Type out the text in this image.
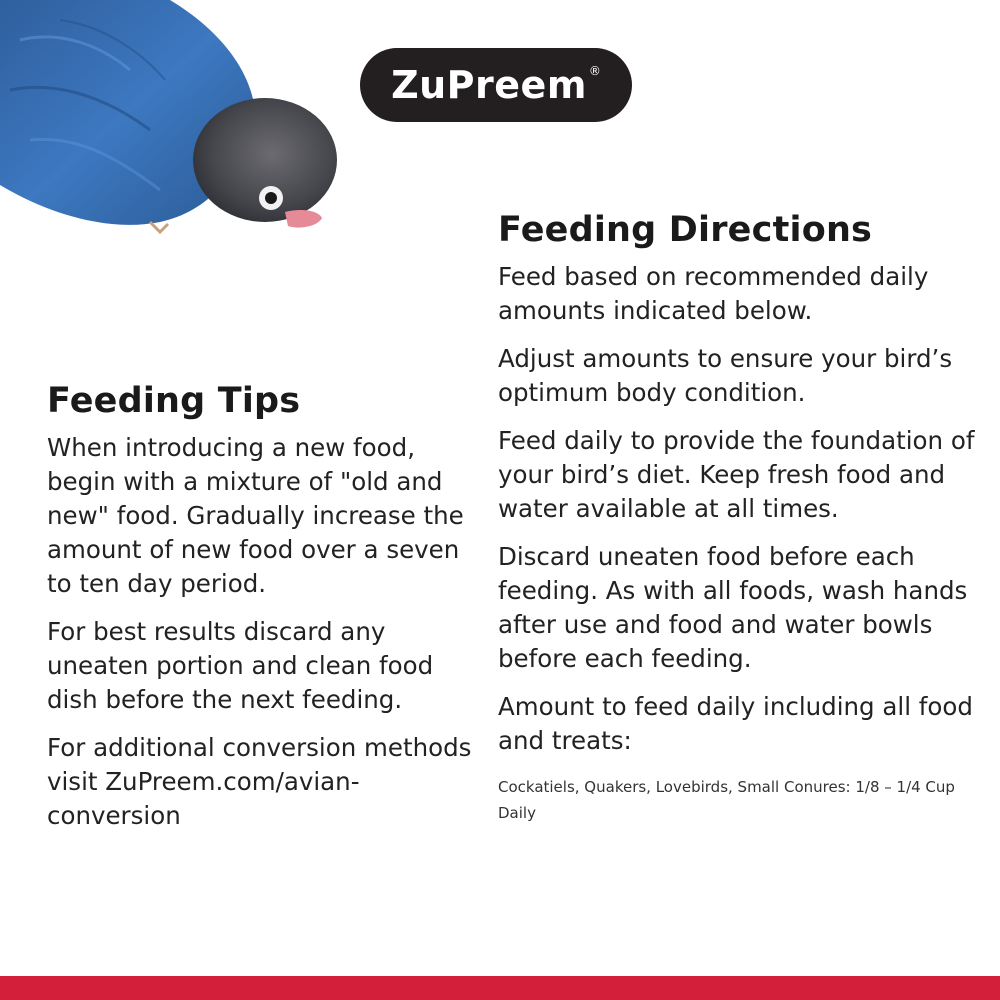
ZuPreem ®
Feeding Tips

When introducing a new food, begin with a mixture of "old and new" food. Gradually increase the amount of new food over a seven to ten day period.

For best results discard any uneaten portion and clean food dish before the next feeding.

For additional conversion methods visit ZuPreem.com/avian-conversion

Feeding Directions

Feed based on recommended daily amounts indicated below.

Adjust amounts to ensure your bird’s optimum body condition.

Feed daily to provide the foundation of your bird’s diet. Keep fresh food and water available at all times.

Discard uneaten food before each feeding. As with all foods, wash hands after use and food and water bowls before each feeding.

Amount to feed daily including all food and treats:

Cockatiels, Quakers, Lovebirds, Small Conures: 1/8 – 1/4 Cup Daily
